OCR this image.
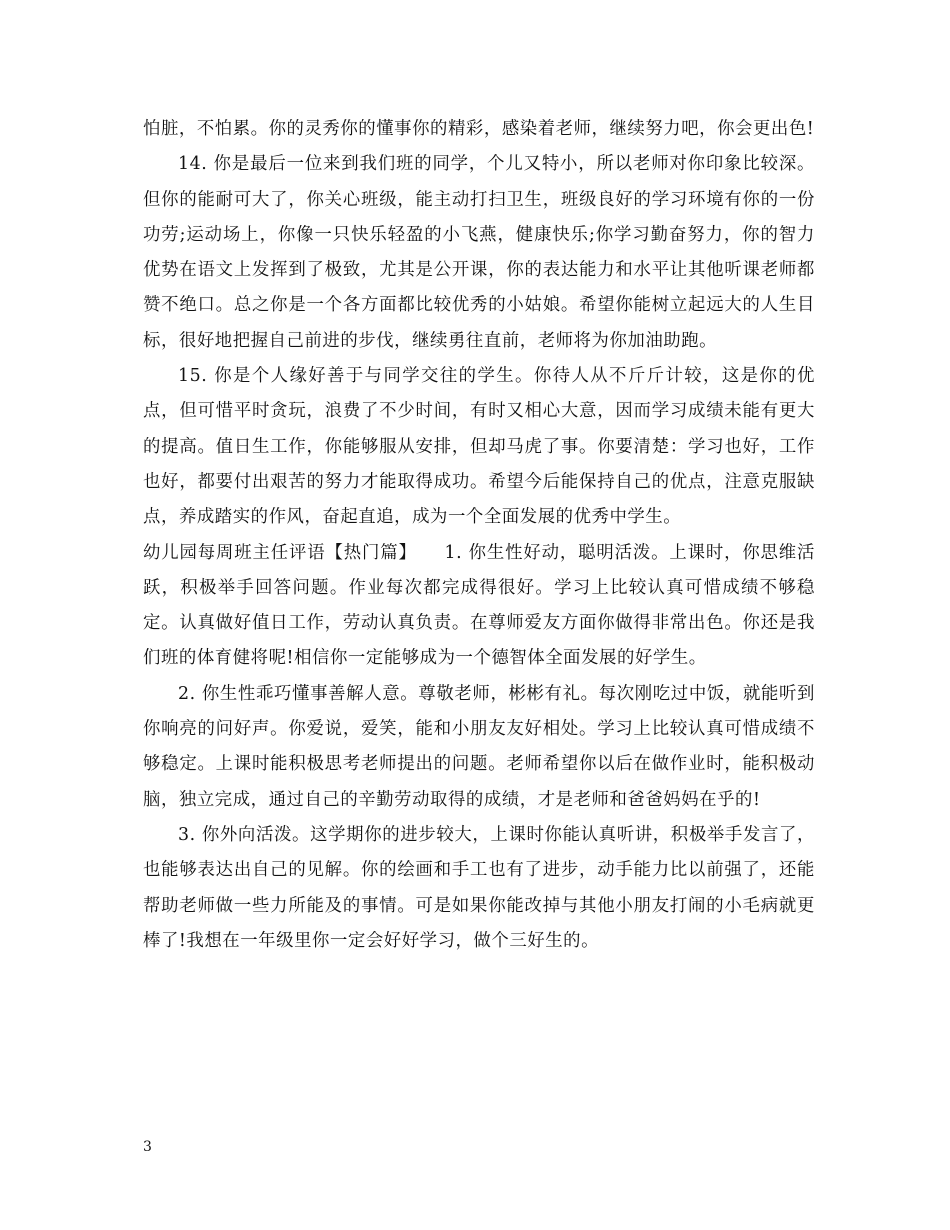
怕脏，不怕累。你的灵秀你的懂事你的精彩，感染着老师，继续努力吧，你会更出色!

14. 你是最后一位来到我们班的同学，个儿又特小，所以老师对你印象比较深。但你的能耐可大了，你关心班级，能主动打扫卫生，班级良好的学习环境有你的一份功劳;运动场上，你像一只快乐轻盈的小飞燕，健康快乐;你学习勤奋努力，你的智力优势在语文上发挥到了极致，尤其是公开课，你的表达能力和水平让其他听课老师都赞不绝口。总之你是一个各方面都比较优秀的小姑娘。希望你能树立起远大的人生目标，很好地把握自己前进的步伐，继续勇往直前，老师将为你加油助跑。

15. 你是个人缘好善于与同学交往的学生。你待人从不斤斤计较，这是你的优点，但可惜平时贪玩，浪费了不少时间，有时又相心大意，因而学习成绩未能有更大的提高。值日生工作，你能够服从安排，但却马虎了事。你要清楚：学习也好，工作也好，都要付出艰苦的努力才能取得成功。希望今后能保持自己的优点，注意克服缺点，养成踏实的作风，奋起直追，成为一个全面发展的优秀中学生。

幼儿园每周班主任评语【热门篇】　　1. 你生性好动，聪明活泼。上课时，你思维活跃，积极举手回答问题。作业每次都完成得很好。学习上比较认真可惜成绩不够稳定。认真做好值日工作，劳动认真负责。在尊师爱友方面你做得非常出色。你还是我们班的体育健将呢!相信你一定能够成为一个德智体全面发展的好学生。

2. 你生性乖巧懂事善解人意。尊敬老师，彬彬有礼。每次刚吃过中饭，就能听到你响亮的问好声。你爱说，爱笑，能和小朋友友好相处。学习上比较认真可惜成绩不够稳定。上课时能积极思考老师提出的问题。老师希望你以后在做作业时，能积极动脑，独立完成，通过自己的辛勤劳动取得的成绩，才是老师和爸爸妈妈在乎的!

3. 你外向活泼。这学期你的进步较大，上课时你能认真听讲，积极举手发言了，也能够表达出自己的见解。你的绘画和手工也有了进步，动手能力比以前强了，还能帮助老师做一些力所能及的事情。可是如果你能改掉与其他小朋友打闹的小毛病就更棒了!我想在一年级里你一定会好好学习，做个三好生的。

3
